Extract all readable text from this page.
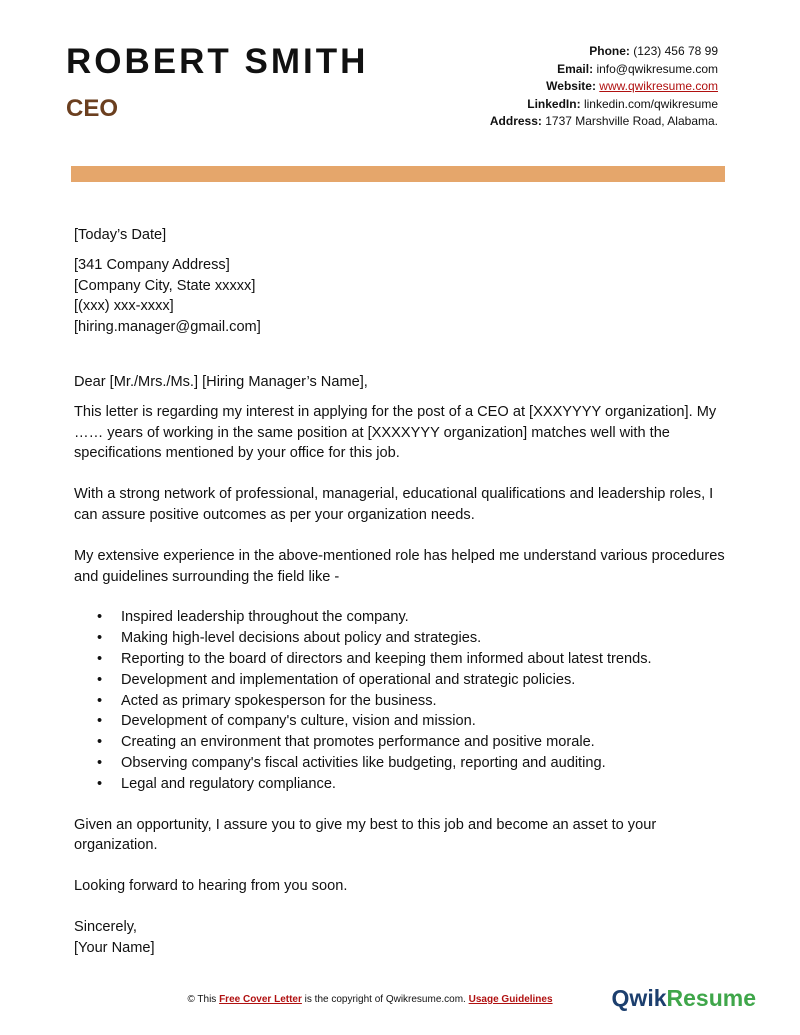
ROBERT SMITH
CEO
Phone: (123) 456 78 99
Email: info@qwikresume.com
Website: www.qwikresume.com
LinkedIn: linkedin.com/qwikresume
Address: 1737 Marshville Road, Alabama.

[Today’s Date]

[341 Company Address]

[Company City, State xxxxx]

[(xxx) xxx-xxxx]

[hiring.manager@gmail.com]

Dear [Mr./Mrs./Ms.] [Hiring Manager’s Name],

This letter is regarding my interest in applying for the post of a CEO at [XXXYYYY organization]. My …… years of working in the same position at [XXXXYYY organization] matches well with the specifications mentioned by your office for this job.

With a strong network of professional, managerial, educational qualifications and leadership roles, I can assure positive outcomes as per your organization needs.

My extensive experience in the above-mentioned role has helped me understand various procedures and guidelines surrounding the field like -

• Inspired leadership throughout the company.
• Making high-level decisions about policy and strategies.
• Reporting to the board of directors and keeping them informed about latest trends.
• Development and implementation of operational and strategic policies.
• Acted as primary spokesperson for the business.
• Development of company's culture, vision and mission.
• Creating an environment that promotes performance and positive morale.
• Observing company's fiscal activities like budgeting, reporting and auditing.
• Legal and regulatory compliance.

Given an opportunity, I assure you to give my best to this job and become an asset to your organization.

Looking forward to hearing from you soon.

Sincerely,

[Your Name]

© This Free Cover Letter is the copyright of Qwikresume.com. Usage Guidelines	QwikResume
